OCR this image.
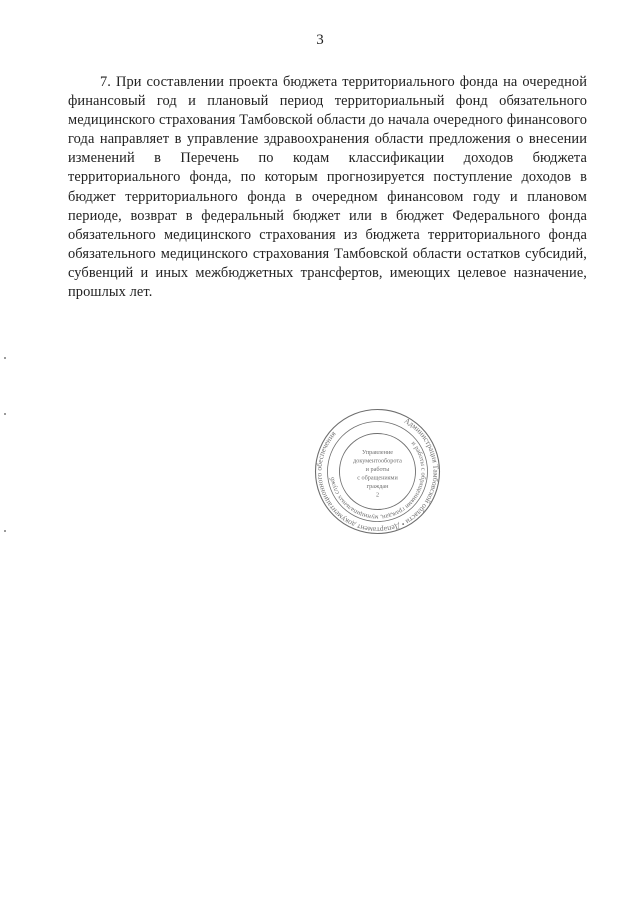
3

7. При составлении проекта бюджета территориального фонда на очередной финансовый год и плановый период территориальный фонд обязательного медицинского страхования Тамбовской области до начала очередного финансового года направляет в управление здравоохранения области предложения о внесении изменений в Перечень по кодам классификации доходов бюджета территориального фонда, по которым прогнозируется поступление доходов в бюджет территориального фонда в очередном финансовом году и плановом периоде, возврат в федеральный бюджет или в бюджет Федерального фонда обязательного медицинского страхования из бюджета территориального фонда обязательного медицинского страхования Тамбовской области остатков субсидий, субвенций и иных межбюджетных трансфертов, имеющих целевое назначение, прошлых лет.

Администрация Тамбовской области • Департамент документационного обеспечения
и работы с обращениями граждан, муниципальных служб
Управление
документооборота
и работы
с обращениями
граждан
2
